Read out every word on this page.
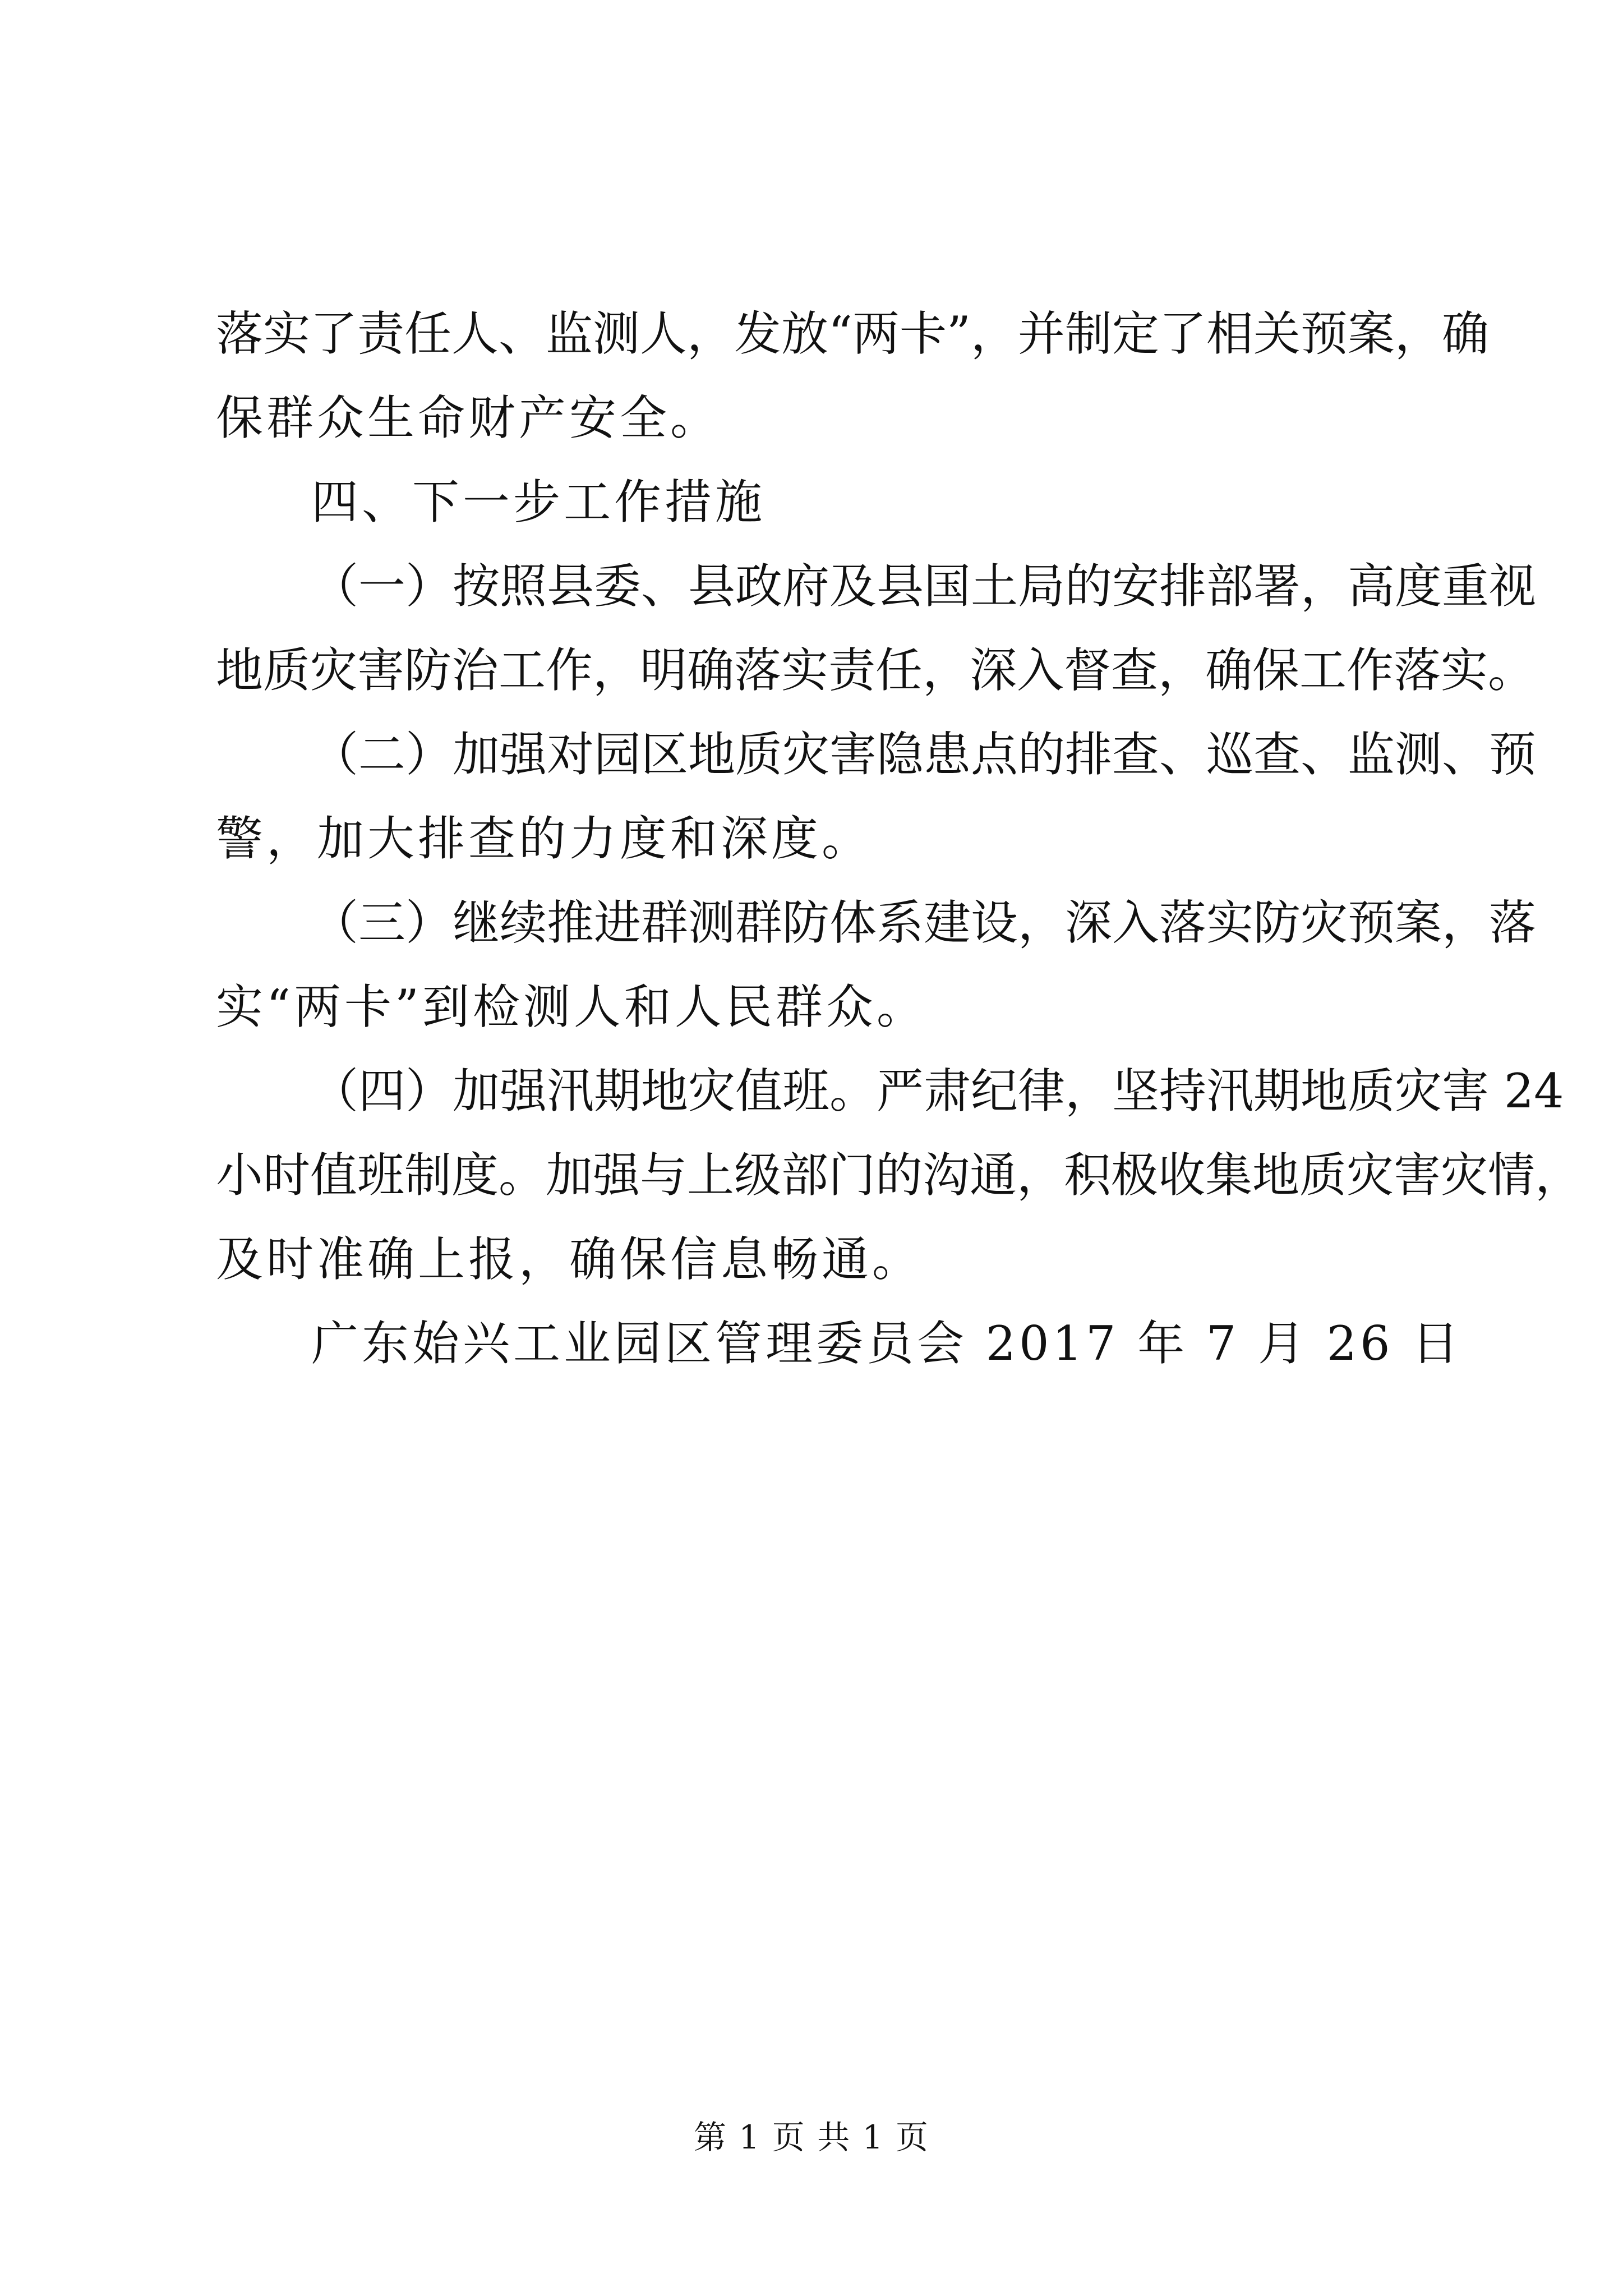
落实了责任人、监测人，发放“两卡”，并制定了相关预案，确
保群众生命财产安全。
四、下一步工作措施
（一）按照县委、县政府及县国土局的安排部署，高度重视
地质灾害防治工作，明确落实责任，深入督查，确保工作落实。
（二）加强对园区地质灾害隐患点的排查、巡查、监测、预
警，加大排查的力度和深度。
（三）继续推进群测群防体系建设，深入落实防灾预案，落
实“两卡”到检测人和人民群众。
（四）加强汛期地灾值班。严肃纪律，坚持汛期地质灾害 24
小时值班制度。加强与上级部门的沟通，积极收集地质灾害灾情，
及时准确上报，确保信息畅通。
广东始兴工业园区管理委员会 2017 年 7 月 26 日
第 1 页 共 1 页
